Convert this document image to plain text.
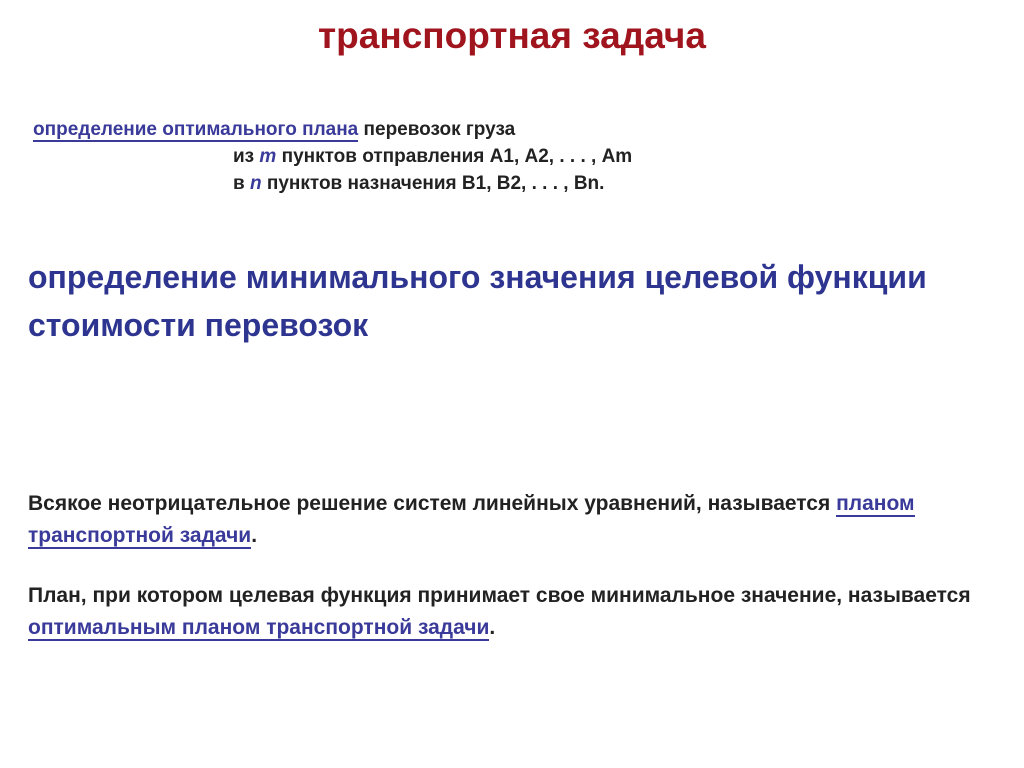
транспортная задача
определение оптимального плана перевозок груза
из m пунктов отправления А1, А2, . . . , Аm
в n пунктов назначения В1, В2, . . . , Вn.
определение минимального значения целевой функции стоимости перевозок
Всякое неотрицательное решение систем линейных уравнений, называется планом транспортной задачи.
План, при котором целевая функция принимает свое минимальное значение, называется оптимальным планом транспортной задачи.
